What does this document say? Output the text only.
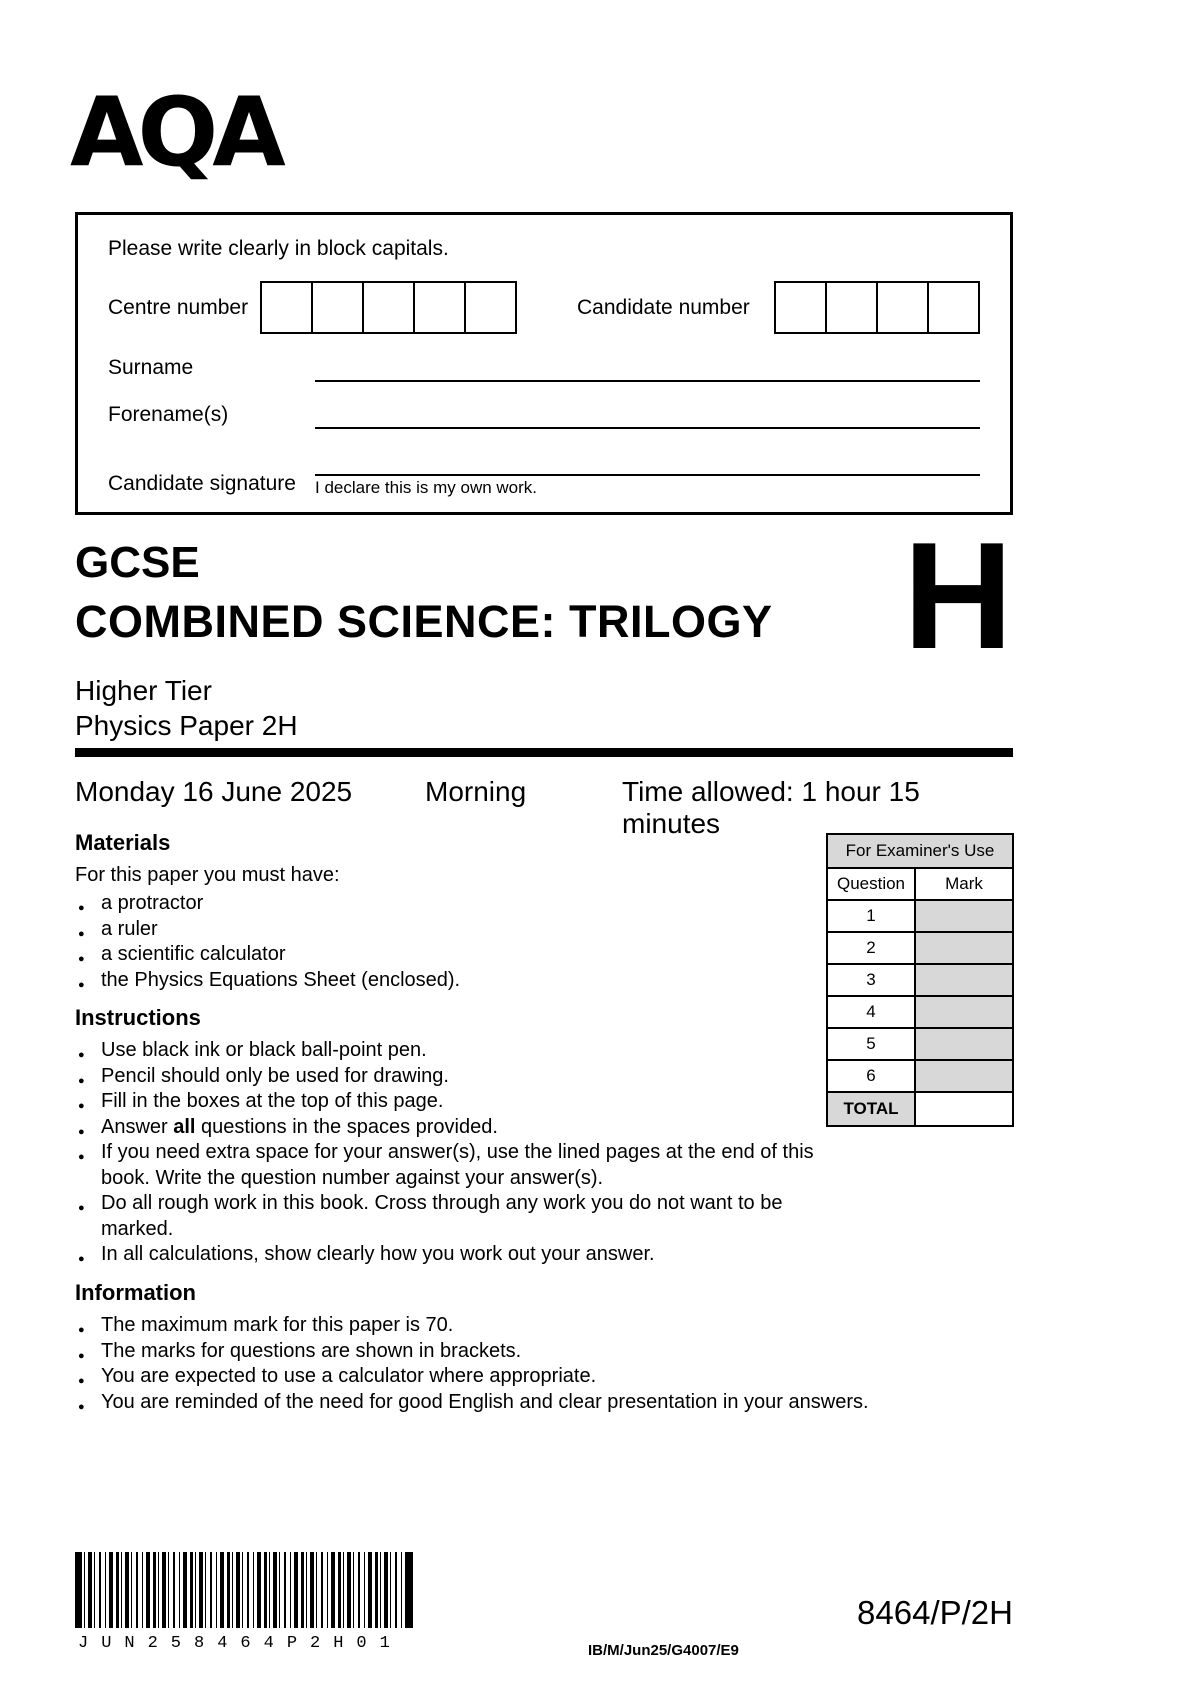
AQA
Please write clearly in block capitals.
Centre number	Candidate number
Surname
Forename(s)
Candidate signature	I declare this is my own work.
GCSE
COMBINED SCIENCE: TRILOGY H
Higher Tier
Physics Paper 2H
Monday 16 June 2025	Morning	Time allowed: 1 hour 15 minutes
Materials
For this paper you must have:
● a protractor
● a ruler
● a scientific calculator
● the Physics Equations Sheet (enclosed).
For Examiner's Use	
Question	Mark
1	
2	
3	
4	
5	
6	
TOTAL	
Instructions
● Use black ink or black ball-point pen.
● Pencil should only be used for drawing.
● Fill in the boxes at the top of this page.
● Answer all questions in the spaces provided.
● If you need extra space for your answer(s), use the lined pages at the end of this book. Write the question number against your answer(s).
● Do all rough work in this book. Cross through any work you do not want to be marked.
● In all calculations, show clearly how you work out your answer.
Information
● The maximum mark for this paper is 70.
● The marks for questions are shown in brackets.
● You are expected to use a calculator where appropriate.
● You are reminded of the need for good English and clear presentation in your answers.
JUN258464P2H01	IB/M/Jun25/G4007/E9
8464/P/2H
